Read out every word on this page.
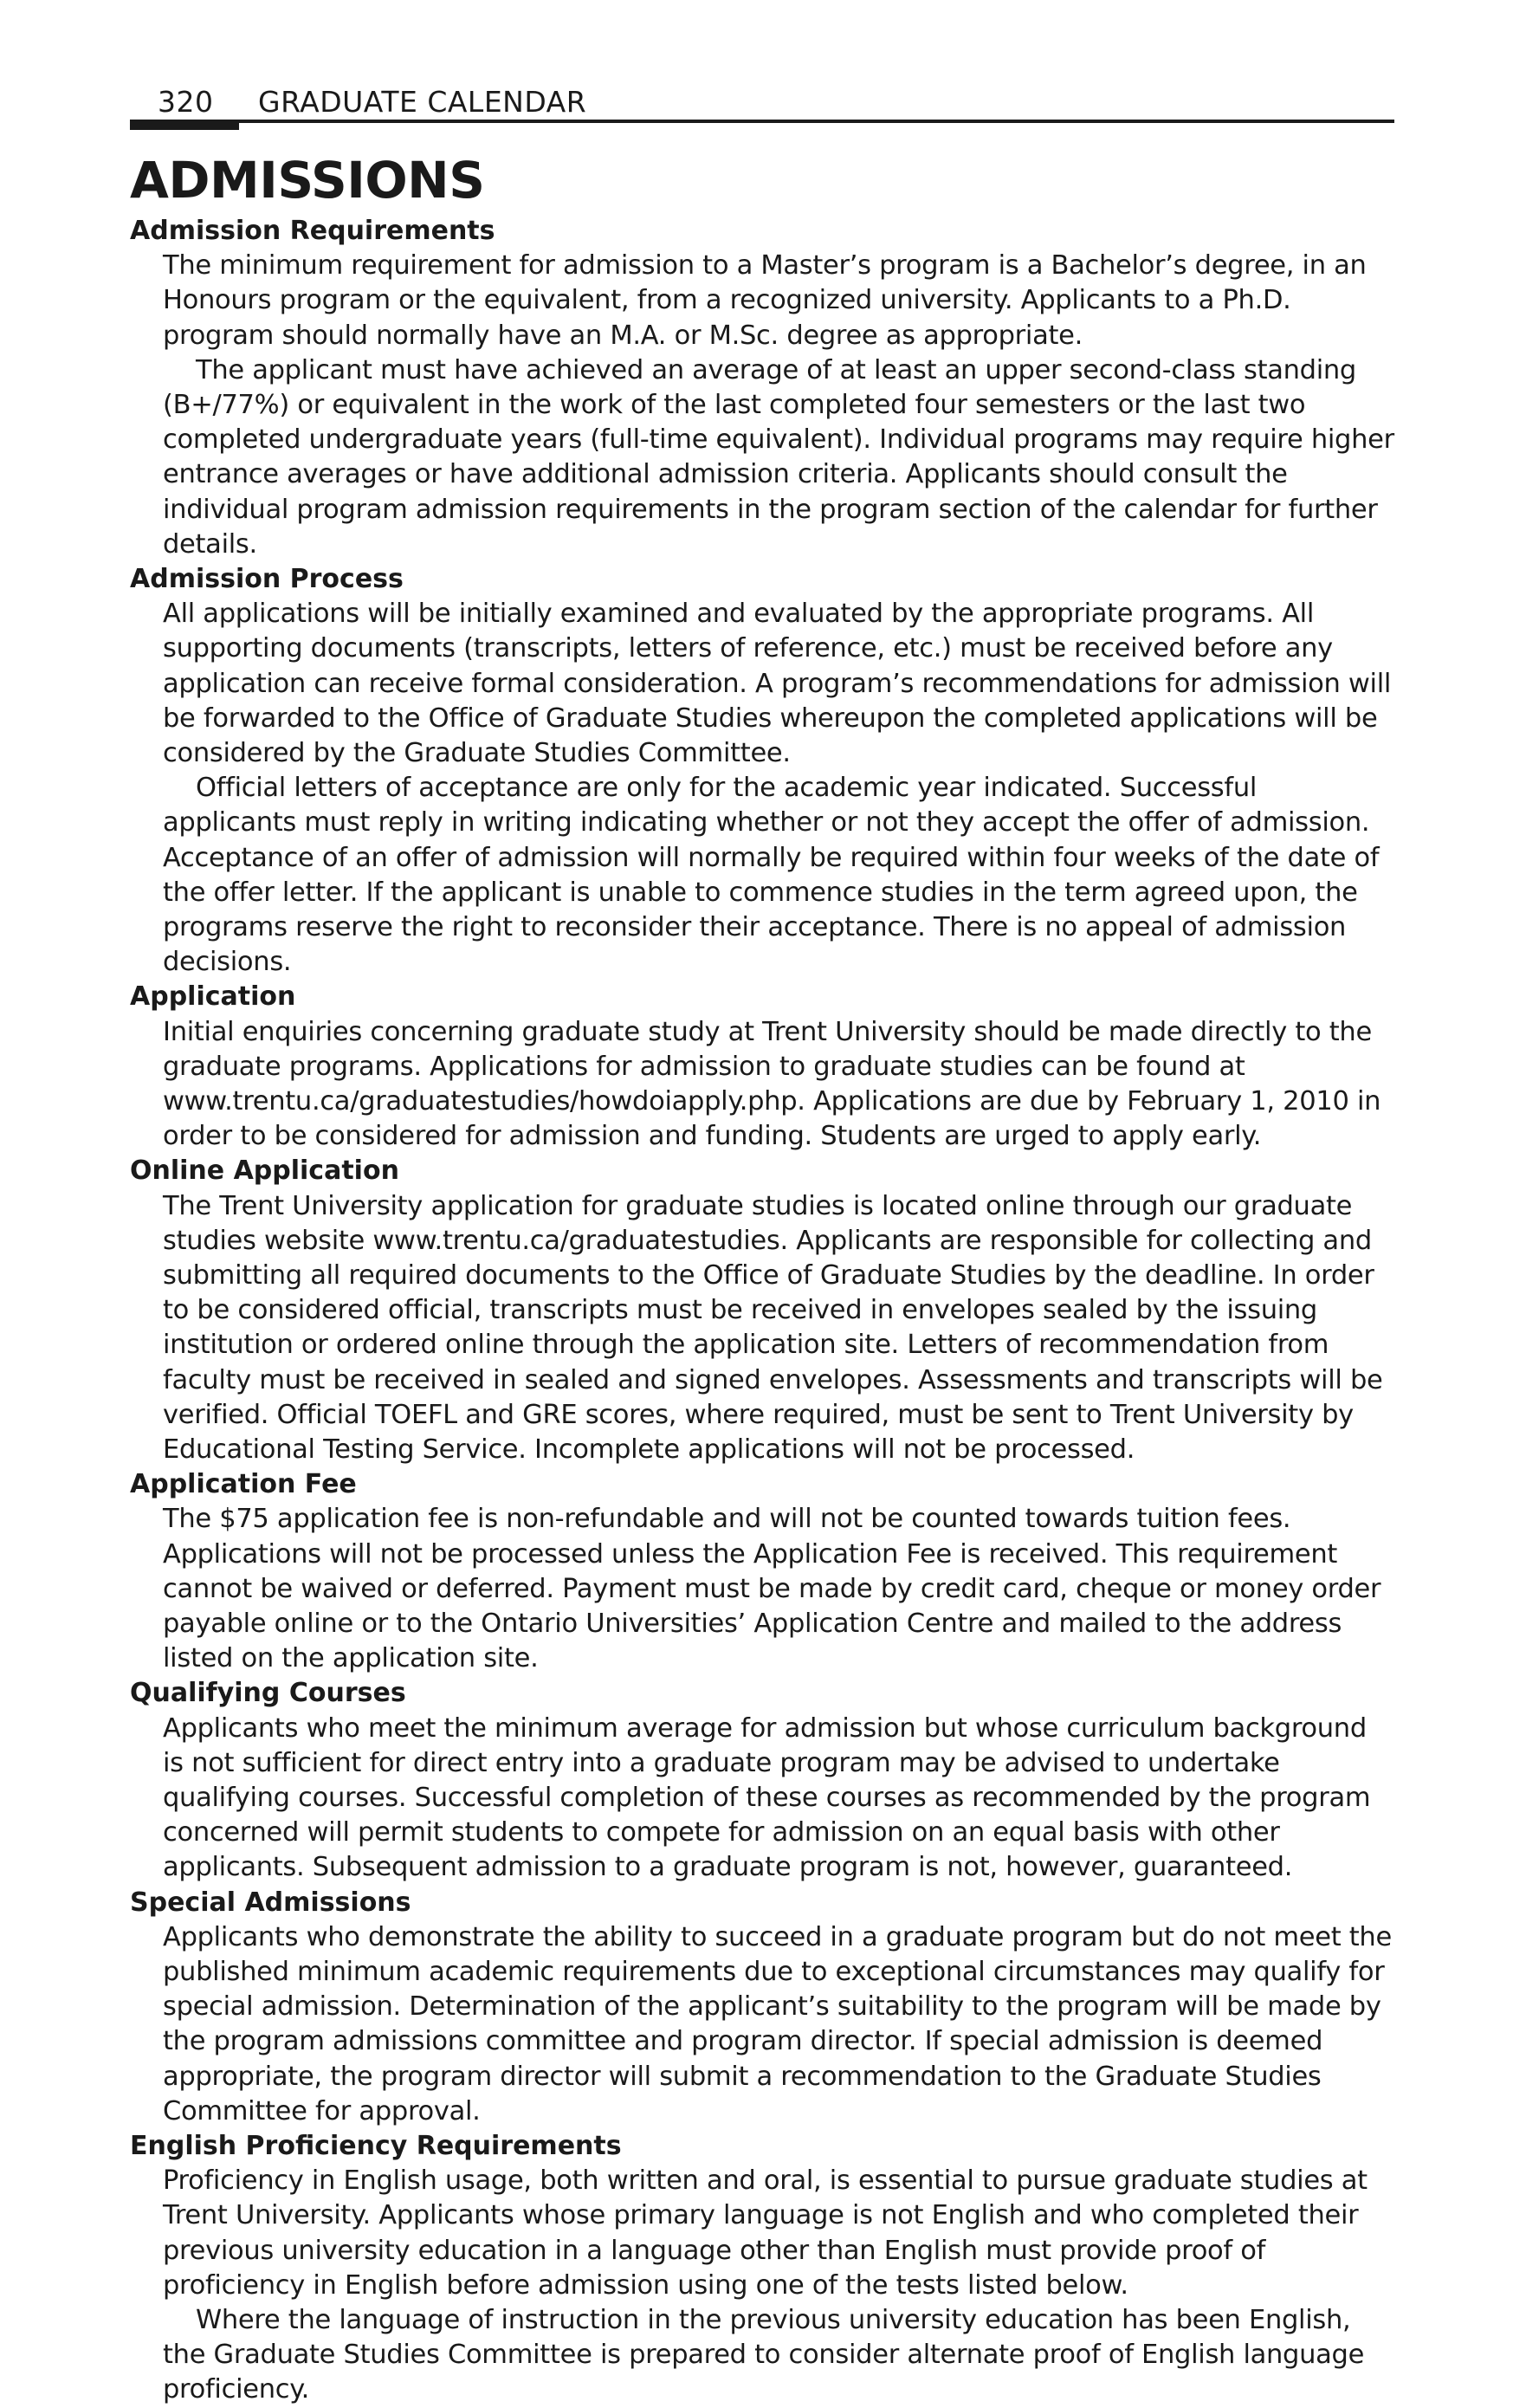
320 GRADUATE CALENDAR
ADMISSIONS
Admission Requirements

The minimum requirement for admission to a Master’s program is a Bachelor’s degree, in an Honours program or the equivalent, from a recognized university. Applicants to a Ph.D. program should normally have an M.A. or M.Sc. degree as appropriate.

The applicant must have achieved an average of at least an upper second-class standing (B+/77%) or equivalent in the work of the last completed four semesters or the last two completed undergraduate years (full-time equivalent). Individual programs may require higher entrance averages or have additional admission criteria. Applicants should consult the individual program admission requirements in the program section of the calendar for further details.

Admission Process

All applications will be initially examined and evaluated by the appropriate programs. All supporting documents (transcripts, letters of reference, etc.) must be received before any application can receive formal consideration. A program’s recommendations for admission will be forwarded to the Office of Graduate Studies whereupon the completed applications will be considered by the Graduate Studies Committee.

Official letters of acceptance are only for the academic year indicated. Successful applicants must reply in writing indicating whether or not they accept the offer of admission. Acceptance of an offer of admission will normally be required within four weeks of the date of the offer letter. If the applicant is unable to commence studies in the term agreed upon, the programs reserve the right to reconsider their acceptance. There is no appeal of admission decisions.

Application

Initial enquiries concerning graduate study at Trent University should be made directly to the graduate programs. Applications for admission to graduate studies can be found at www.trentu.ca/graduatestudies/howdoiapply.php. Applications are due by February 1, 2010 in order to be considered for admission and funding. Students are urged to apply early.

Online Application

The Trent University application for graduate studies is located online through our graduate studies website www.trentu.ca/graduatestudies. Applicants are responsible for collecting and submitting all required documents to the Office of Graduate Studies by the deadline. In order to be considered official, transcripts must be received in envelopes sealed by the issuing institution or ordered online through the application site. Letters of recommendation from faculty must be received in sealed and signed envelopes. Assessments and transcripts will be verified. Official TOEFL and GRE scores, where required, must be sent to Trent University by Educational Testing Service. Incomplete applications will not be processed.

Application Fee

The $75 application fee is non-refundable and will not be counted towards tuition fees. Applications will not be processed unless the Application Fee is received. This requirement cannot be waived or deferred. Payment must be made by credit card, cheque or money order payable online or to the Ontario Universities’ Application Centre and mailed to the address listed on the application site.

Qualifying Courses

Applicants who meet the minimum average for admission but whose curriculum background is not sufficient for direct entry into a graduate program may be advised to undertake qualifying courses. Successful completion of these courses as recommended by the program concerned will permit students to compete for admission on an equal basis with other applicants. Subsequent admission to a graduate program is not, however, guaranteed.

Special Admissions

Applicants who demonstrate the ability to succeed in a graduate program but do not meet the published minimum academic requirements due to exceptional circumstances may qualify for special admission. Determination of the applicant’s suitability to the program will be made by the program admissions committee and program director. If special admission is deemed appropriate, the program director will submit a recommendation to the Graduate Studies Committee for approval.

English Proficiency Requirements

Proficiency in English usage, both written and oral, is essential to pursue graduate studies at Trent University. Applicants whose primary language is not English and who completed their previous university education in a language other than English must provide proof of proficiency in English before admission using one of the tests listed below.

Where the language of instruction in the previous university education has been English, the Graduate Studies Committee is prepared to consider alternate proof of English language proficiency.
